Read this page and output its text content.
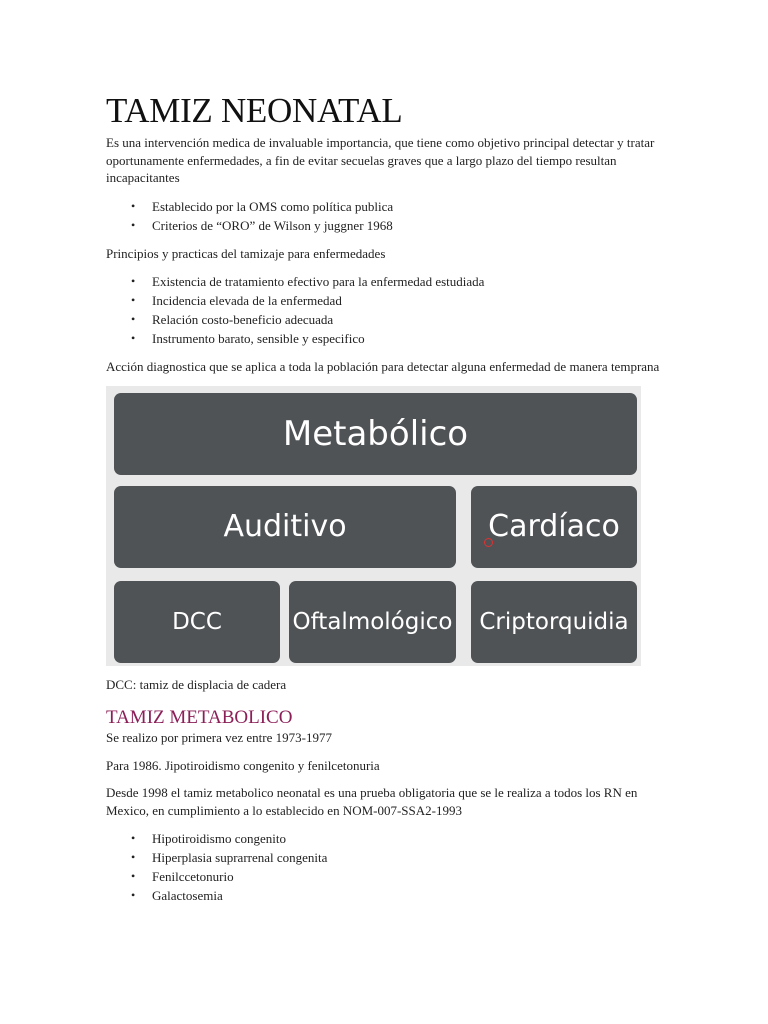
TAMIZ NEONATAL

Es una intervención medica de invaluable importancia, que tiene como objetivo principal detectar y tratar oportunamente enfermedades, a fin de evitar secuelas graves que a largo plazo del tiempo resultan incapacitantes

• Establecido por la OMS como política publica
• Criterios de “ORO” de Wilson y juggner 1968

Principios y practicas del tamizaje para enfermedades

• Existencia de tratamiento efectivo para la enfermedad estudiada
• Incidencia elevada de la enfermedad
• Relación costo-beneficio adecuada
• Instrumento barato, sensible y especifico

Acción diagnostica que se aplica a toda la población para detectar alguna enfermedad de manera temprana

Metabólico
Auditivo	Cardíaco
DCC	Oftalmológico	Criptorquidia

DCC: tamiz de displacia de cadera

TAMIZ METABOLICO

Se realizo por primera vez entre 1973-1977

Para 1986. Jipotiroidismo congenito y fenilcetonuria

Desde 1998 el tamiz metabolico neonatal es una prueba obligatoria que se le realiza a todos los RN en Mexico, en cumplimiento a lo establecido en NOM-007-SSA2-1993

• Hipotiroidismo congenito
• Hiperplasia suprarrenal congenita
• Fenilccetonurio
• Galactosemia
